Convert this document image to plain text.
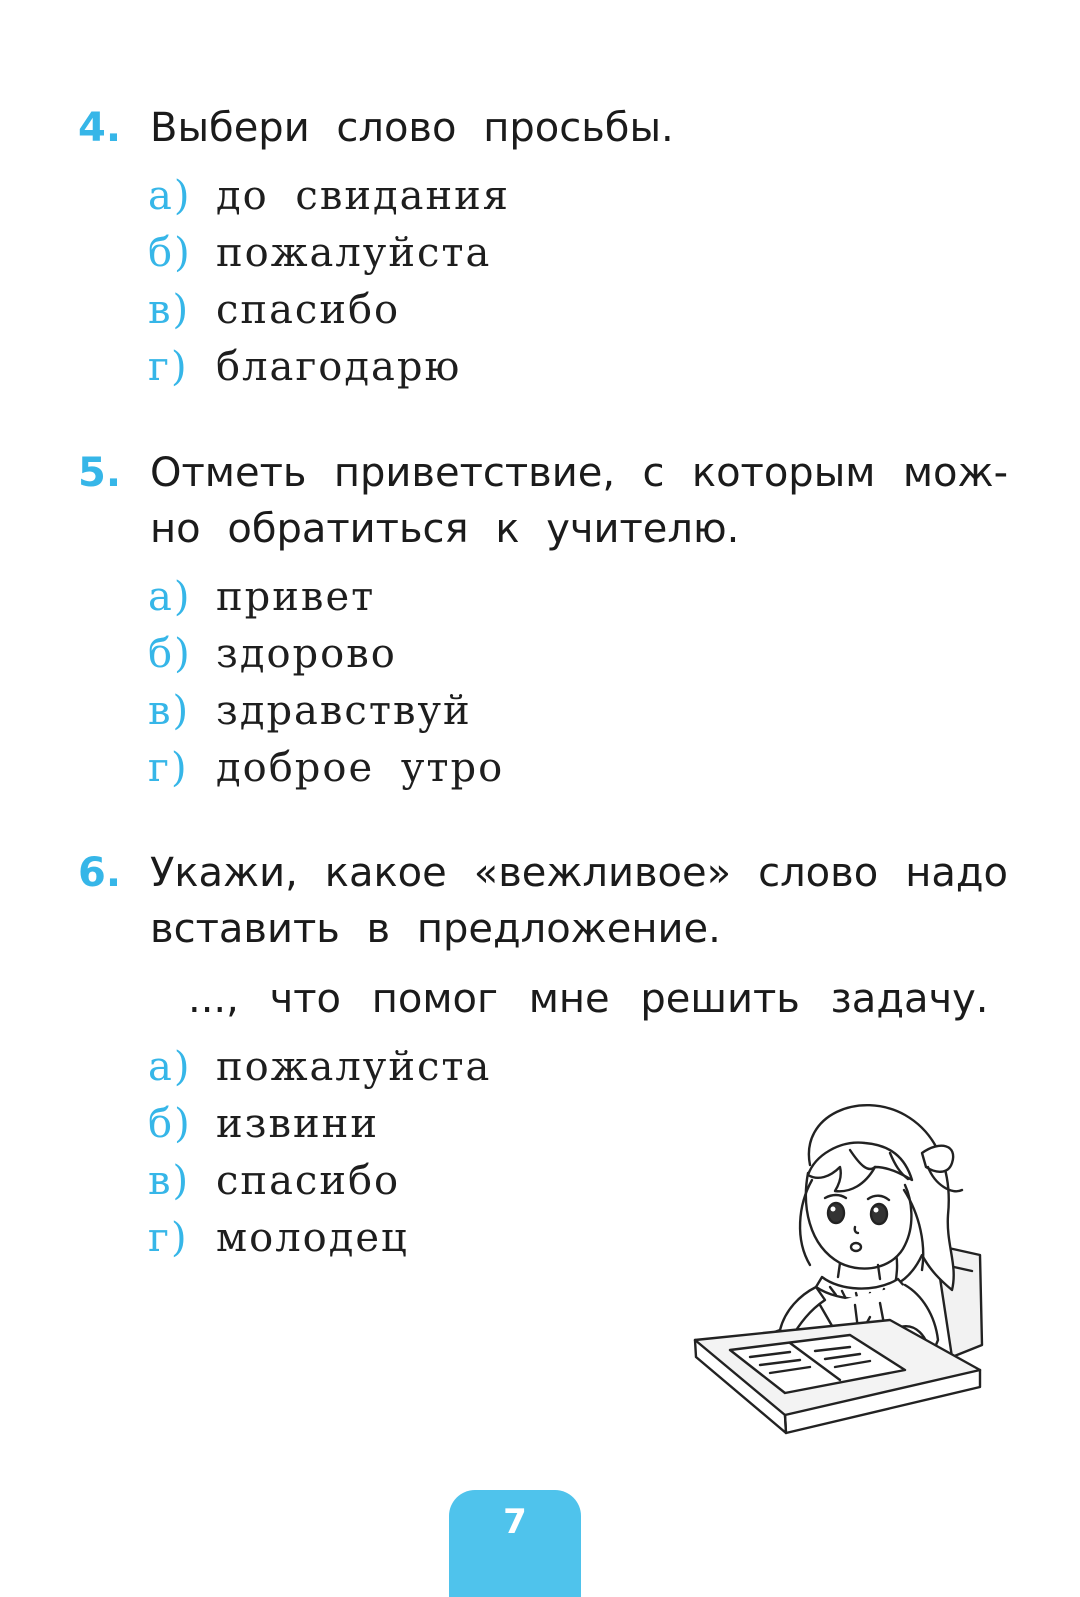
4. Выбери слово просьбы.
а) до свидания
б) пожалуйста
в) спасибо
г) благодарю
5. Отметь приветствие, с которым можно обратиться к учителю.
а) привет
б) здорово
в) здравствуй
г) доброе утро
6. Укажи, какое «вежливое» слово надо вставить в предложение.
..., что помог мне решить задачу.
а) пожалуйста
б) извини
в) спасибо
г) молодец
7
